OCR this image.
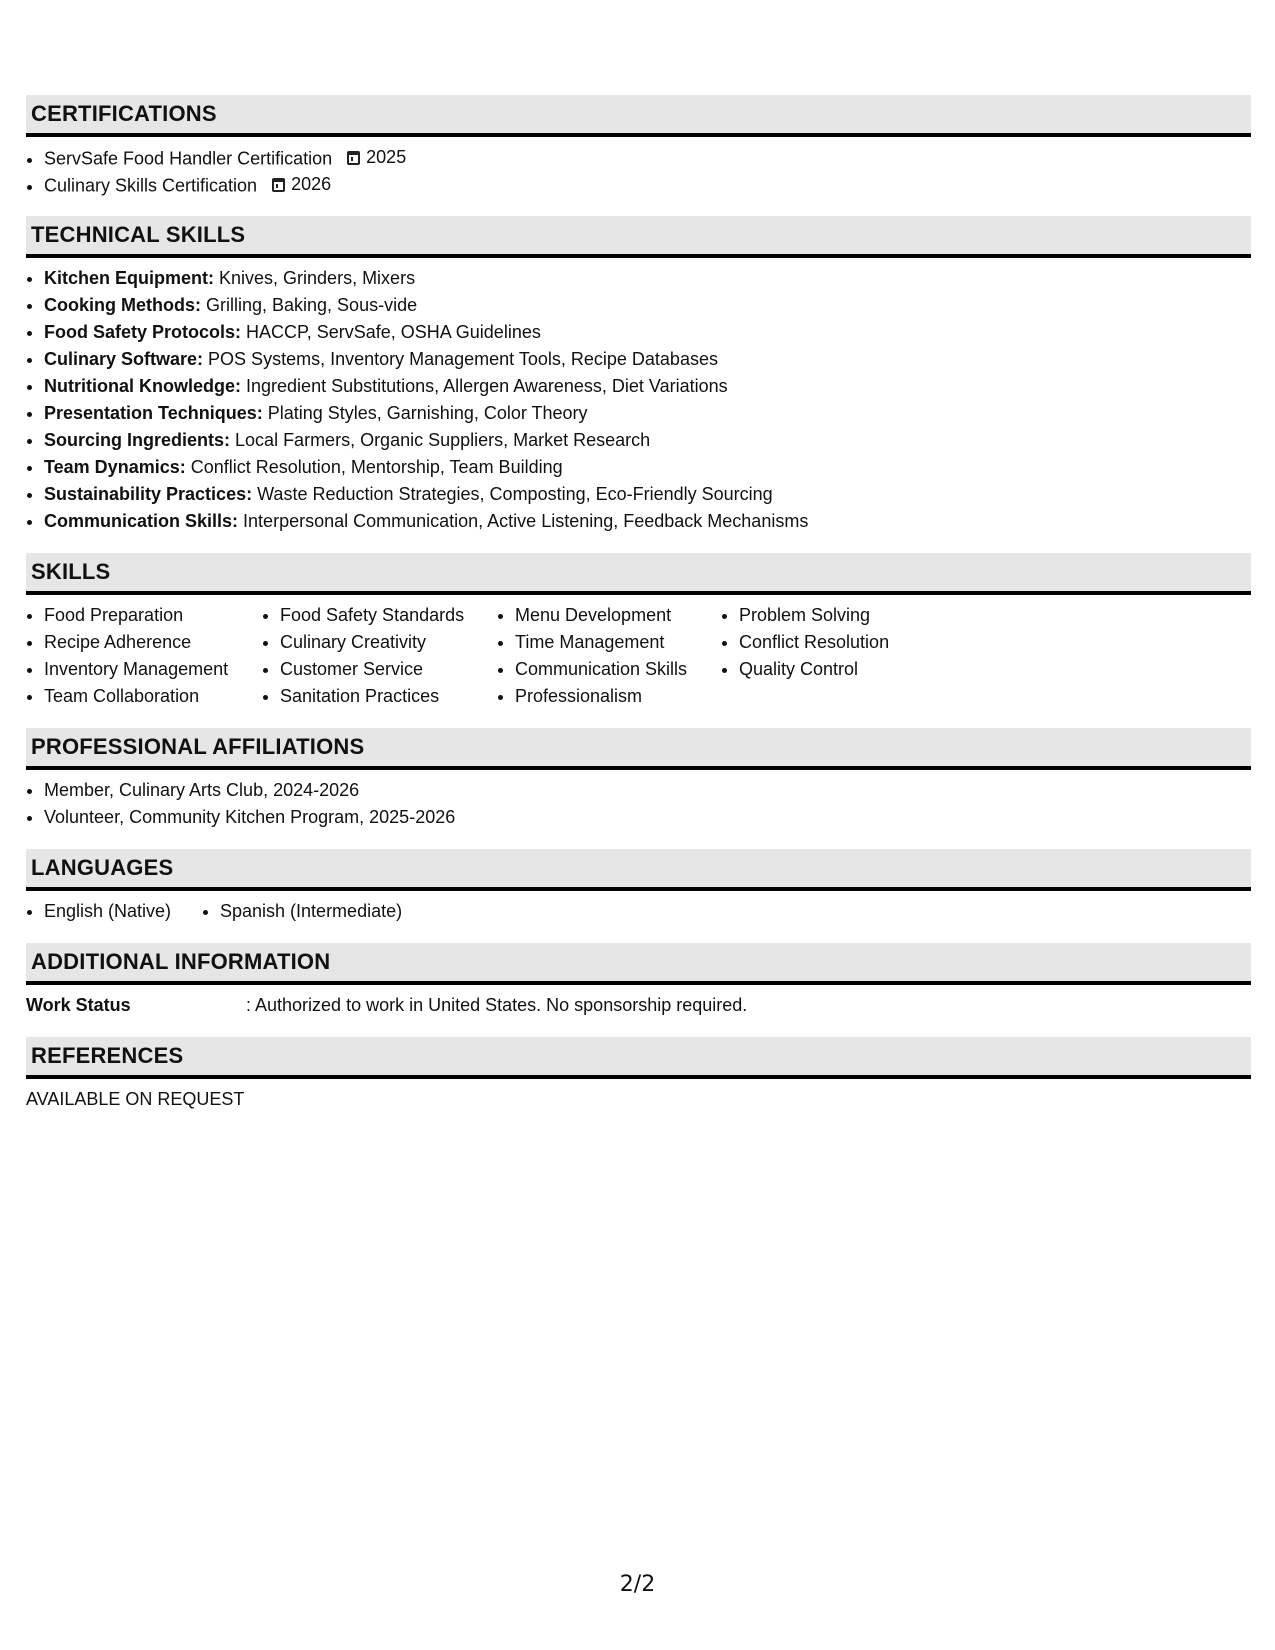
CERTIFICATIONS
• ServSafe Food Handler Certification 2025
• Culinary Skills Certification 2026
TECHNICAL SKILLS
• Kitchen Equipment: Knives, Grinders, Mixers
• Cooking Methods: Grilling, Baking, Sous-vide
• Food Safety Protocols: HACCP, ServSafe, OSHA Guidelines
• Culinary Software: POS Systems, Inventory Management Tools, Recipe Databases
• Nutritional Knowledge: Ingredient Substitutions, Allergen Awareness, Diet Variations
• Presentation Techniques: Plating Styles, Garnishing, Color Theory
• Sourcing Ingredients: Local Farmers, Organic Suppliers, Market Research
• Team Dynamics: Conflict Resolution, Mentorship, Team Building
• Sustainability Practices: Waste Reduction Strategies, Composting, Eco-Friendly Sourcing
• Communication Skills: Interpersonal Communication, Active Listening, Feedback Mechanisms
SKILLS
• Food Preparation
• Recipe Adherence
• Inventory Management
• Team Collaboration
• Food Safety Standards
• Culinary Creativity
• Customer Service
• Sanitation Practices
• Menu Development
• Time Management
• Communication Skills
• Professionalism
• Problem Solving
• Conflict Resolution
• Quality Control
PROFESSIONAL AFFILIATIONS
• Member, Culinary Arts Club, 2024-2026
• Volunteer, Community Kitchen Program, 2025-2026
LANGUAGES
• English (Native)
•	Spanish (Intermediate)
ADDITIONAL INFORMATION
Work Status	: Authorized to work in United States. No sponsorship required.
REFERENCES
AVAILABLE ON REQUEST
2/2
